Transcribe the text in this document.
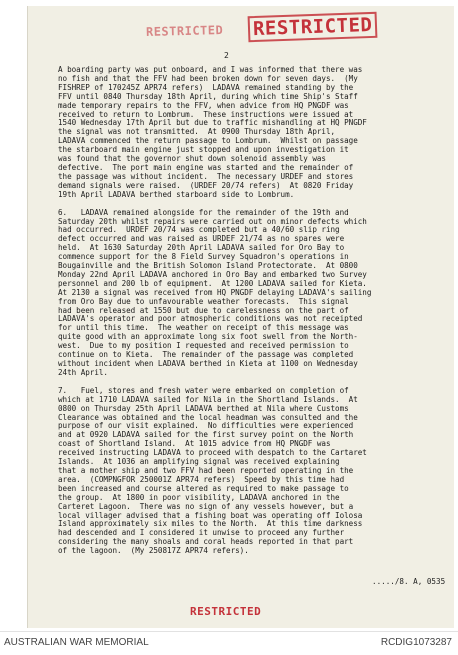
RESTRICTED RESTRICTED
2
A boarding party was put onboard, and I was informed that there was
no fish and that the FFV had been broken down for seven days.  (My
FISHREP of 170245Z APR74 refers)  LADAVA remained standing by the
FFV until 0840 Thursday 18th April, during which time Ship's Staff
made temporary repairs to the FFV, when advice from HQ PNGDF was
received to return to Lombrum.  These instructions were issued at
1540 Wednesday 17th April but due to traffic mishandling at HQ PNGDF
the signal was not transmitted.  At 0900 Thursday 18th April,
LADAVA commenced the return passage to Lombrum.  Whilst on passage
the starboard main engine just stopped and upon investigation it
was found that the governor shut down solenoid assembly was
defective.  The port main engine was started and the remainder of
the passage was without incident.  The necessary URDEF and stores
demand signals were raised.  (URDEF 20/74 refers)  At 0820 Friday
19th April LADAVA berthed starboard side to Lombrum.
6.   LADAVA remained alongside for the remainder of the 19th and
Saturday 20th whilst repairs were carried out on minor defects which
had occurred.  URDEF 20/74 was completed but a 40/60 slip ring
defect occurred and was raised as URDEF 21/74 as no spares were
held.  At 1630 Saturday 20th April LADAVA sailed for Oro Bay to
commence support for the 8 Field Survey Squadron's operations in
Bougainville and the British Solomon Island Protectorate.  At 0800
Monday 22nd April LADAVA anchored in Oro Bay and embarked two Survey
personnel and 200 lb of equipment.  At 1200 LADAVA sailed for Kieta.
At 2130 a signal was received from HQ PNGDF delaying LADAVA's sailing
from Oro Bay due to unfavourable weather forecasts.  This signal
had been released at 1550 but due to carelessness on the part of
LADAVA's operator and poor atmospheric conditions was not receipted
for until this time.  The weather on receipt of this message was
quite good with an approximate long six foot swell from the North-
west.  Due to my position I requested and received permission to
continue on to Kieta.  The remainder of the passage was completed
without incident when LADAVA berthed in Kieta at 1100 on Wednesday
24th April.
7.   Fuel, stores and fresh water were embarked on completion of
which at 1710 LADAVA sailed for Nila in the Shortland Islands.  At
0800 on Thursday 25th April LADAVA berthed at Nila where Customs
Clearance was obtained and the local headman was consulted and the
purpose of our visit explained.  No difficulties were experienced
and at 0920 LADAVA sailed for the first survey point on the North
coast of Shortland Island.  At 1015 advice from HQ PNGDF was
received instructing LADAVA to proceed with despatch to the Cartaret
Islands.  At 1036 an amplifying signal was received explaining
that a mother ship and two FFV had been reported operating in the
area.  (COMPNGFOR 250001Z APR74 refers)  Speed by this time had
been increased and course altered as required to make passage to
the group.  At 1800 in poor visibility, LADAVA anchored in the
Carteret Lagoon.  There was no sign of any vessels however, but a
local villager advised that a fishing boat was operating off Iolosa
Island approximately six miles to the North.  At this time darkness
had descended and I considered it unwise to proceed any further
considering the many shoals and coral heads reported in that part
of the lagoon.  (My 250817Z APR74 refers).
...../8. A, 0535
RESTRICTED
AUSTRALIAN WAR MEMORIAL	RCDIG1073287
